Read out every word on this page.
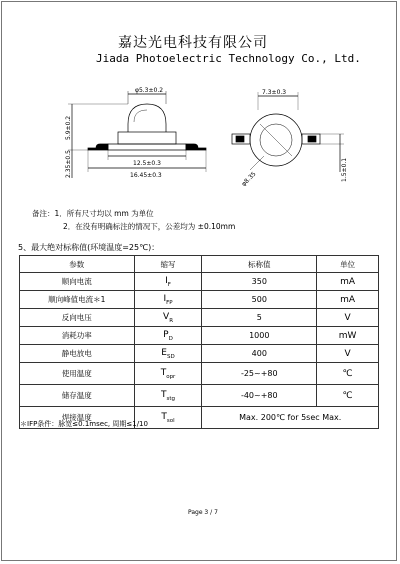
嘉达光电科技有限公司
Jiada Photoelectric Technology Co., Ltd.
φ5.3±0.2
5.9±0.2
2.35±0.5	12.5±0.3
16.45±0.3
7.3±0.3
1.5±0.1
φ8.35
备注：1．所有尺寸均以 mm 为单位
2．在没有明确标注的情况下，公差均为 ±0.10mm
5、最大绝对标称值(环境温度=25℃)：
参数	缩写	标称值	单位
顺向电流	$I_F$	350	mA
顺向峰值电流＊1	$I_{FP}$	500	mA
反向电压	$V_R$	5	V
消耗功率	$P_D$	1000	mW
静电放电	$E_{SD}$	400	V
使用温度	$T_{opr}$	-25~+80	℃
储存温度	$T_{stg}$	-40~+80	℃
焊接温度	$T_{sol}$	Max. 200℃ for 5sec Max.	
＊IFP条件：脉宽≤0.1msec, 周期≤1/10
Page 3 / 7
